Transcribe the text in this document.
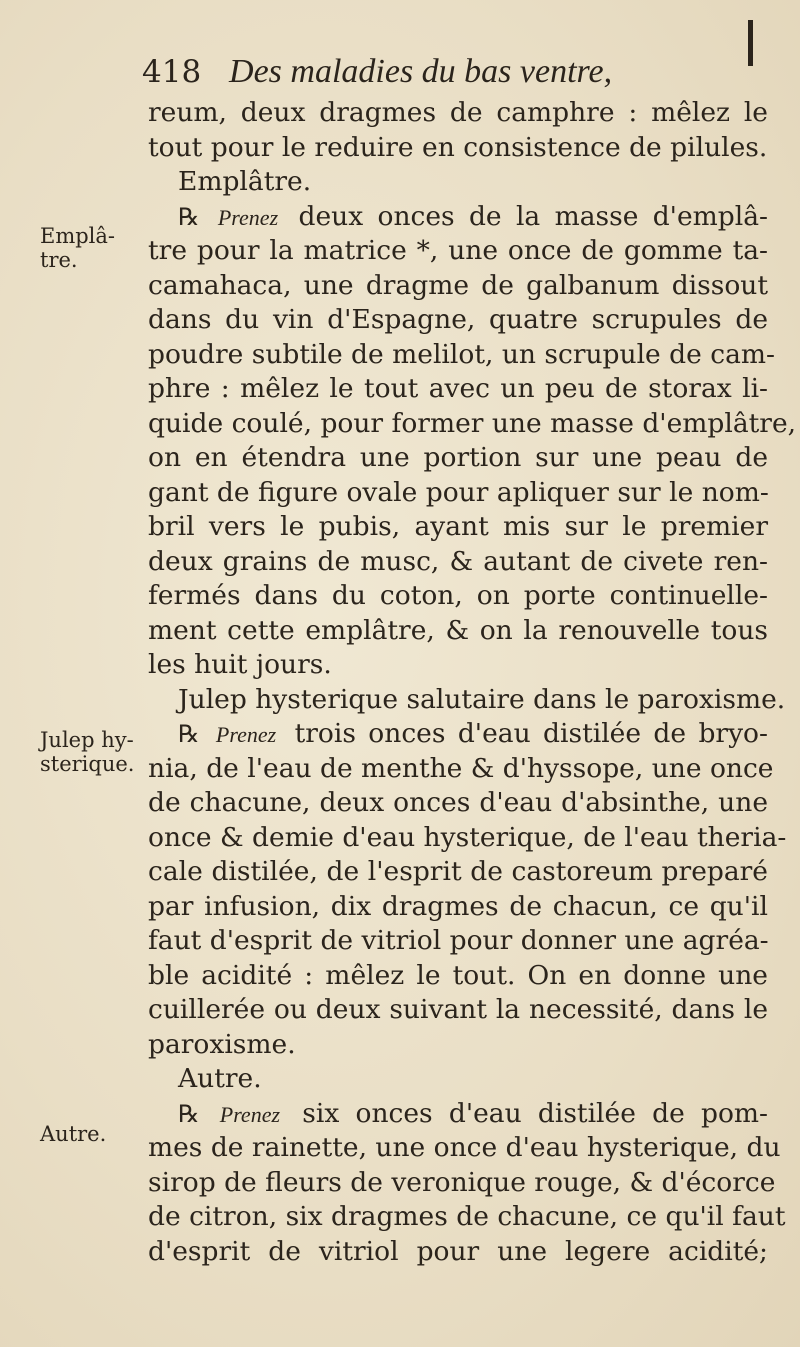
418 Des maladies du bas ventre,
Emplâ-
tre.
Julep hy-
sterique.
Autre.
reum, deux dragmes de camphre : mêlez le
tout pour le reduire en consistence de pilules.
Emplâtre.
℞ Prenez deux onces de la masse d'emplâ-
tre pour la matrice *, une once de gomme ta-
camahaca, une dragme de galbanum dissout
dans du vin d'Espagne, quatre scrupules de
poudre subtile de melilot, un scrupule de cam-
phre : mêlez le tout avec un peu de storax li-
quide coulé, pour former une masse d'emplâtre,
on en étendra une portion sur une peau de
gant de figure ovale pour apliquer sur le nom-
bril vers le pubis, ayant mis sur le premier
deux grains de musc, & autant de civete ren-
fermés dans du coton, on porte continuelle-
ment cette emplâtre, & on la renouvelle tous
les huit jours.
Julep hysterique salutaire dans le paroxisme.
℞ Prenez trois onces d'eau distilée de bryo-
nia, de l'eau de menthe & d'hyssope, une once
de chacune, deux onces d'eau d'absinthe, une
once & demie d'eau hysterique, de l'eau theria-
cale distilée, de l'esprit de castoreum preparé
par infusion, dix dragmes de chacun, ce qu'il
faut d'esprit de vitriol pour donner une agréa-
ble acidité : mêlez le tout. On en donne une
cuillerée ou deux suivant la necessité, dans le
paroxisme.
Autre.
℞ Prenez six onces d'eau distilée de pom-
mes de rainette, une once d'eau hysterique, du
sirop de fleurs de veronique rouge, & d'écorce
de citron, six dragmes de chacune, ce qu'il faut
d'esprit de vitriol pour une legere acidité;
